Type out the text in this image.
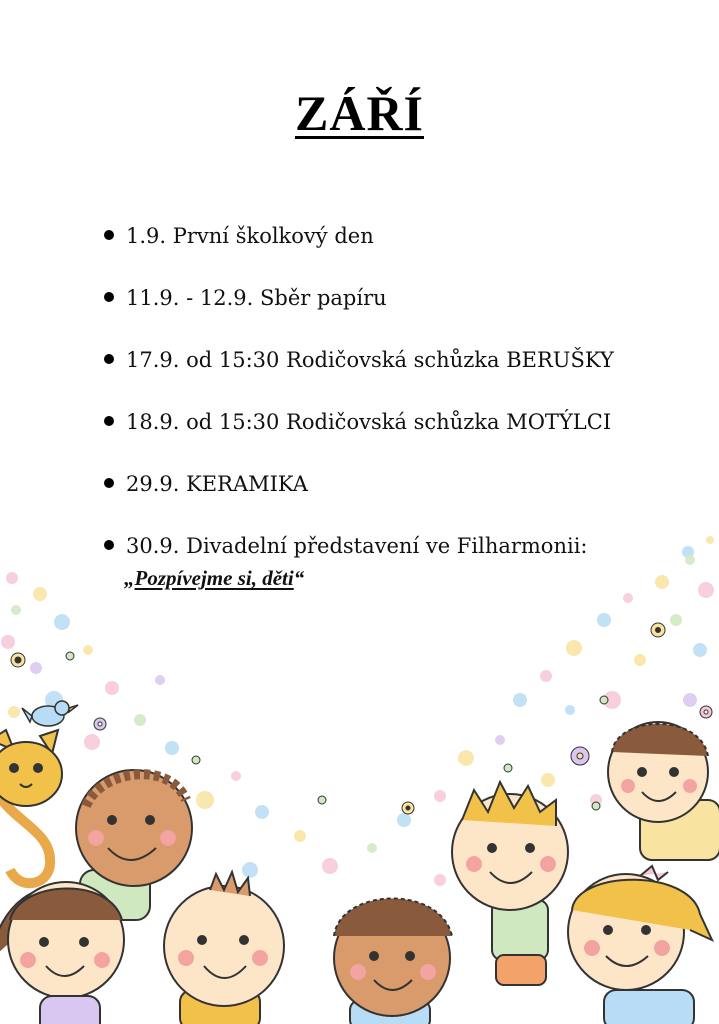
ZÁŘÍ
1.9. První školkový den
11.9. - 12.9. Sběr papíru
17.9. od 15:30 Rodičovská schůzka BERUŠKY
18.9. od 15:30 Rodičovská schůzka MOTÝLCI
29.9. KERAMIKA
30.9. Divadelní představení ve Filharmonii:
„Pozpívejme si, děti“
